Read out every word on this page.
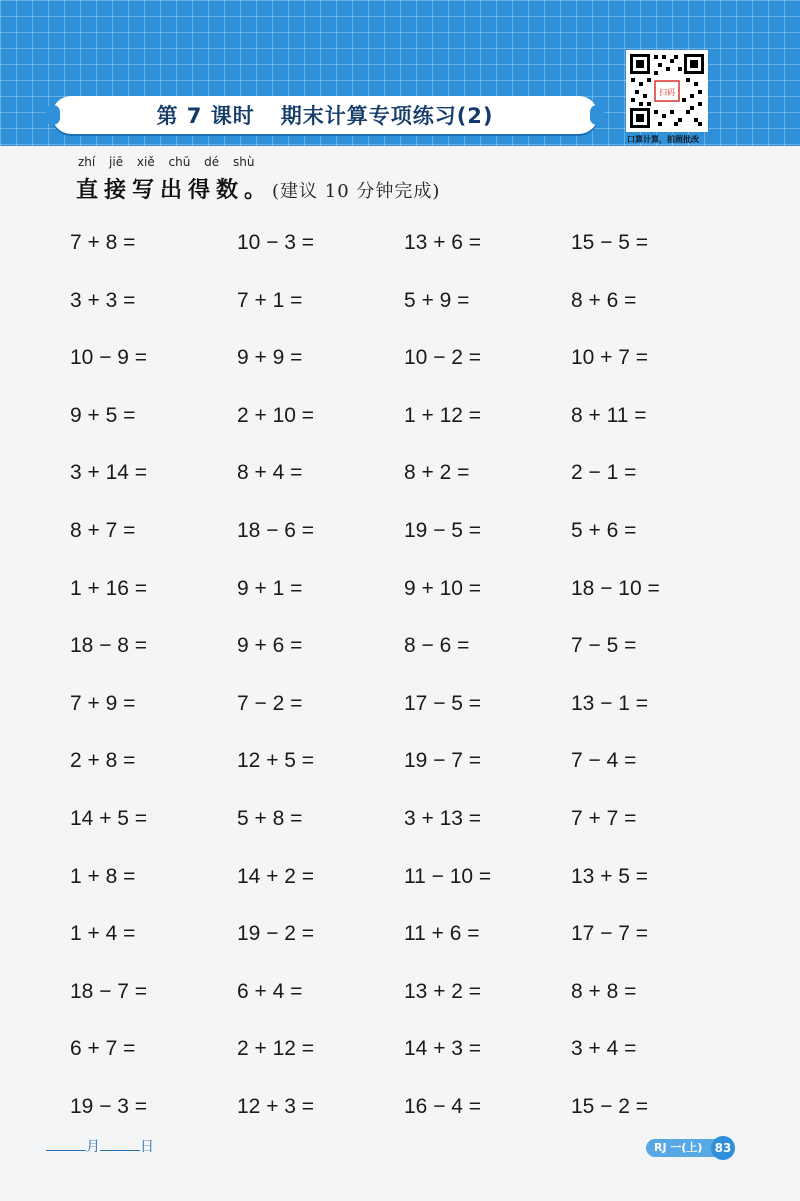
第 7 课时 期末计算专项练习(2)
扫码
口算计算，拍照批改
zhí jiē xiě chū dé shù
直接写出得数。 (建议 10 分钟完成)
7 + 8 =	10 − 3 =	13 + 6 =	15 − 5 =
3 + 3 =	7 + 1 =	5 + 9 =	8 + 6 =
10 − 9 =	9 + 9 =	10 − 2 =	10 + 7 =
9 + 5 =	2 + 10 =	1 + 12 =	8 + 11 =
3 + 14 =	8 + 4 =	8 + 2 =	2 − 1 =
8 + 7 =	18 − 6 =	19 − 5 =	5 + 6 =
1 + 16 =	9 + 1 =	9 + 10 =	18 − 10 =
18 − 8 =	9 + 6 =	8 − 6 =	7 − 5 =
7 + 9 =	7 − 2 =	17 − 5 =	13 − 1 =
2 + 8 =	12 + 5 =	19 − 7 =	7 − 4 =
14 + 5 =	5 + 8 =	3 + 13 =	7 + 7 =
1 + 8 =	14 + 2 =	11 − 10 =	13 + 5 =
1 + 4 =	19 − 2 =	11 + 6 =	17 − 7 =
18 − 7 =	6 + 4 =	13 + 2 =	8 + 8 =
6 + 7 =	2 + 12 =	14 + 3 =	3 + 4 =
19 − 3 =	12 + 3 =	16 − 4 =	15 − 2 =
月	日	RJ 一(上)	83
